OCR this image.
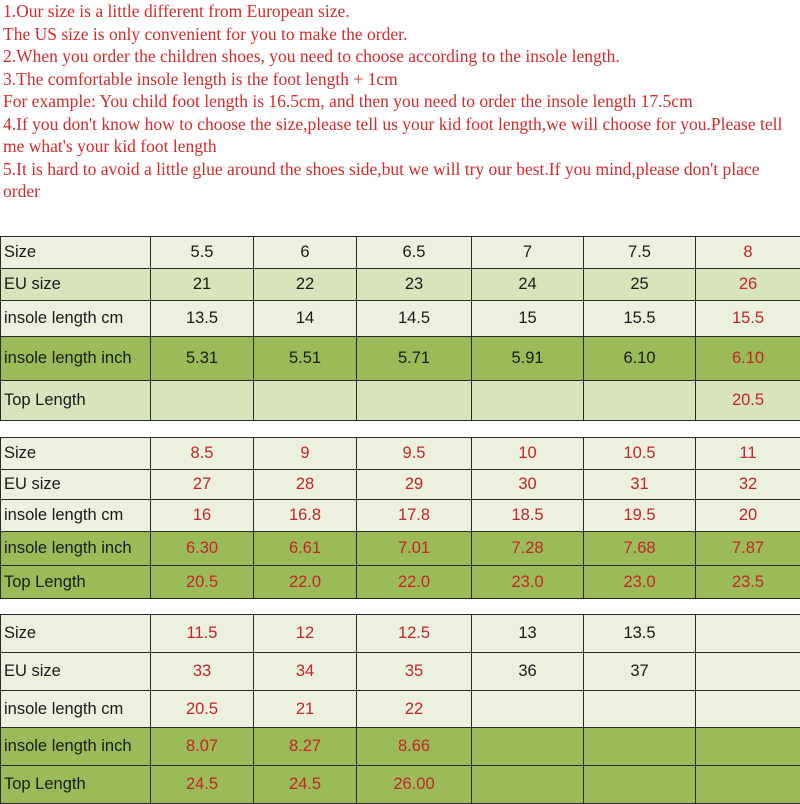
1.Our size is a little different from European size.
The US size is only convenient for you to make the order.
2.When you order the children shoes, you need to choose according to the insole length.
3.The comfortable insole length is the foot length + 1cm
For example: You child foot length is 16.5cm, and then you need to order the insole length 17.5cm
4.If you don't know how to choose the size,please tell us your kid foot length,we will choose for you.Please tell me what's your kid foot length
5.It is hard to avoid a little glue around the shoes side,but we will try our best.If you mind,please don't place order
Size	5.5	6	6.5	7	7.5	8
EU size	21	22	23	24	25	26
insole length cm	13.5	14	14.5	15	15.5	15.5
insole length inch	5.31	5.51	5.71	5.91	6.10	6.10
Top Length						20.5
Size	8.5	9	9.5	10	10.5	11
EU size	27	28	29	30	31	32
insole length cm	16	16.8	17.8	18.5	19.5	20
insole length inch	6.30	6.61	7.01	7.28	7.68	7.87
Top Length	20.5	22.0	22.0	23.0	23.0	23.5
Size	11.5	12	12.5	13	13.5	
EU size	33	34	35	36	37	
insole length cm	20.5	21	22			
insole length inch	8.07	8.27	8.66			
Top Length	24.5	24.5	26.00			
